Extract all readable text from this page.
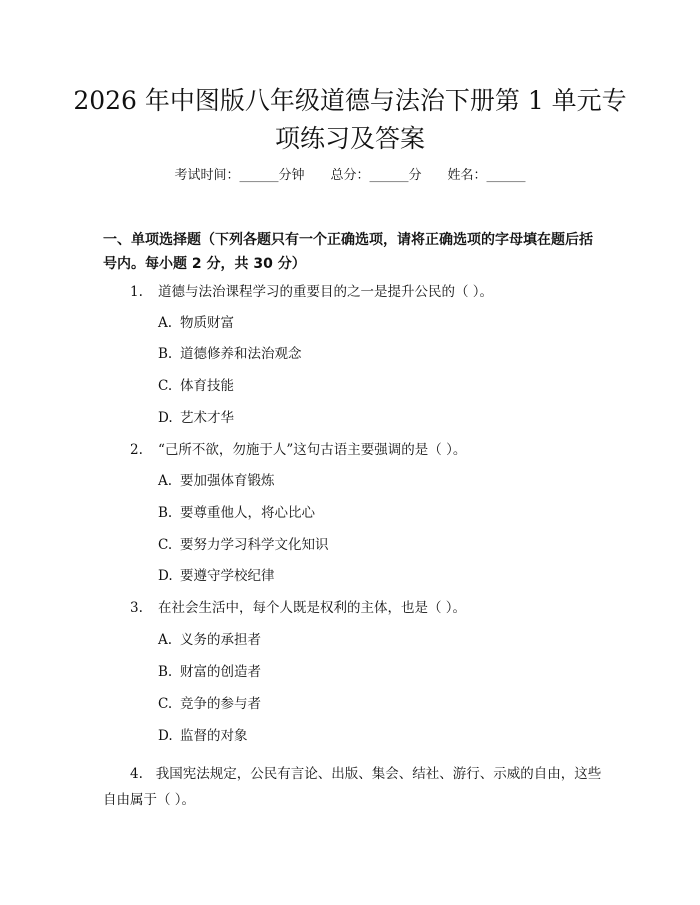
2026 年中图版八年级道德与法治下册第 1 单元专项练习及答案
考试时间：______分钟 总分：______分 姓名：______
一、单项选择题（下列各题只有一个正确选项，请将正确选项的字母填在题后括号内。每小题 2 分，共 30 分）
1. 道德与法治课程学习的重要目的之一是提升公民的（ ）。
A. 物质财富
B. 道德修养和法治观念
C. 体育技能
D. 艺术才华
2. “己所不欲，勿施于人”这句古语主要强调的是（ ）。
A. 要加强体育锻炼
B. 要尊重他人，将心比心
C. 要努力学习科学文化知识
D. 要遵守学校纪律
3. 在社会生活中，每个人既是权利的主体，也是（ ）。
A. 义务的承担者
B. 财富的创造者
C. 竞争的参与者
D. 监督的对象
4. 我国宪法规定，公民有言论、出版、集会、结社、游行、示威的自由，这些自由属于（ ）。
